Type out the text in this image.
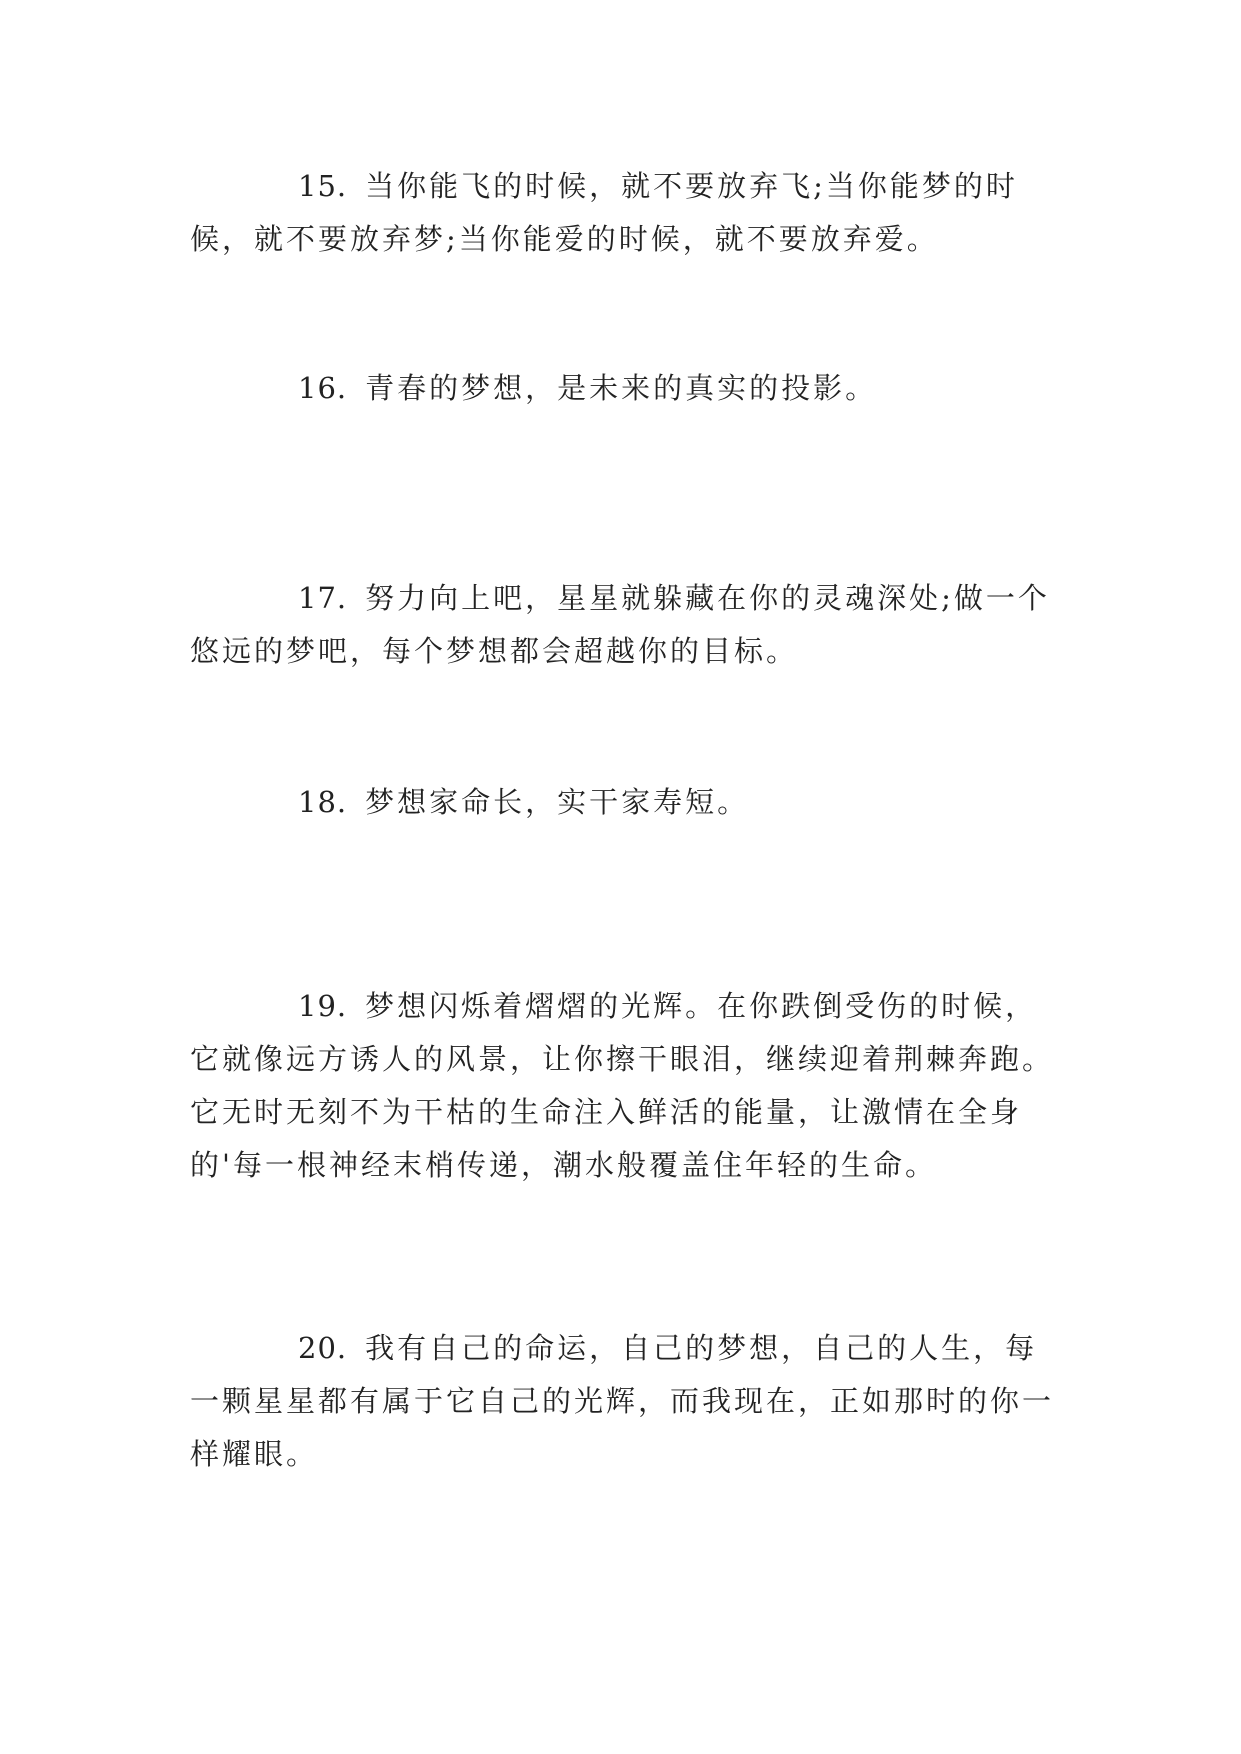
15. 当你能飞的时候，就不要放弃飞;当你能梦的时候，就不要放弃梦;当你能爱的时候，就不要放弃爱。

16. 青春的梦想，是未来的真实的投影。

17. 努力向上吧，星星就躲藏在你的灵魂深处;做一个悠远的梦吧，每个梦想都会超越你的目标。

18. 梦想家命长，实干家寿短。

19. 梦想闪烁着熠熠的光辉。在你跌倒受伤的时候，它就像远方诱人的风景，让你擦干眼泪，继续迎着荆棘奔跑。它无时无刻不为干枯的生命注入鲜活的能量，让激情在全身的'每一根神经末梢传递，潮水般覆盖住年轻的生命。

20. 我有自己的命运，自己的梦想，自己的人生，每一颗星星都有属于它自己的光辉，而我现在，正如那时的你一样耀眼。
